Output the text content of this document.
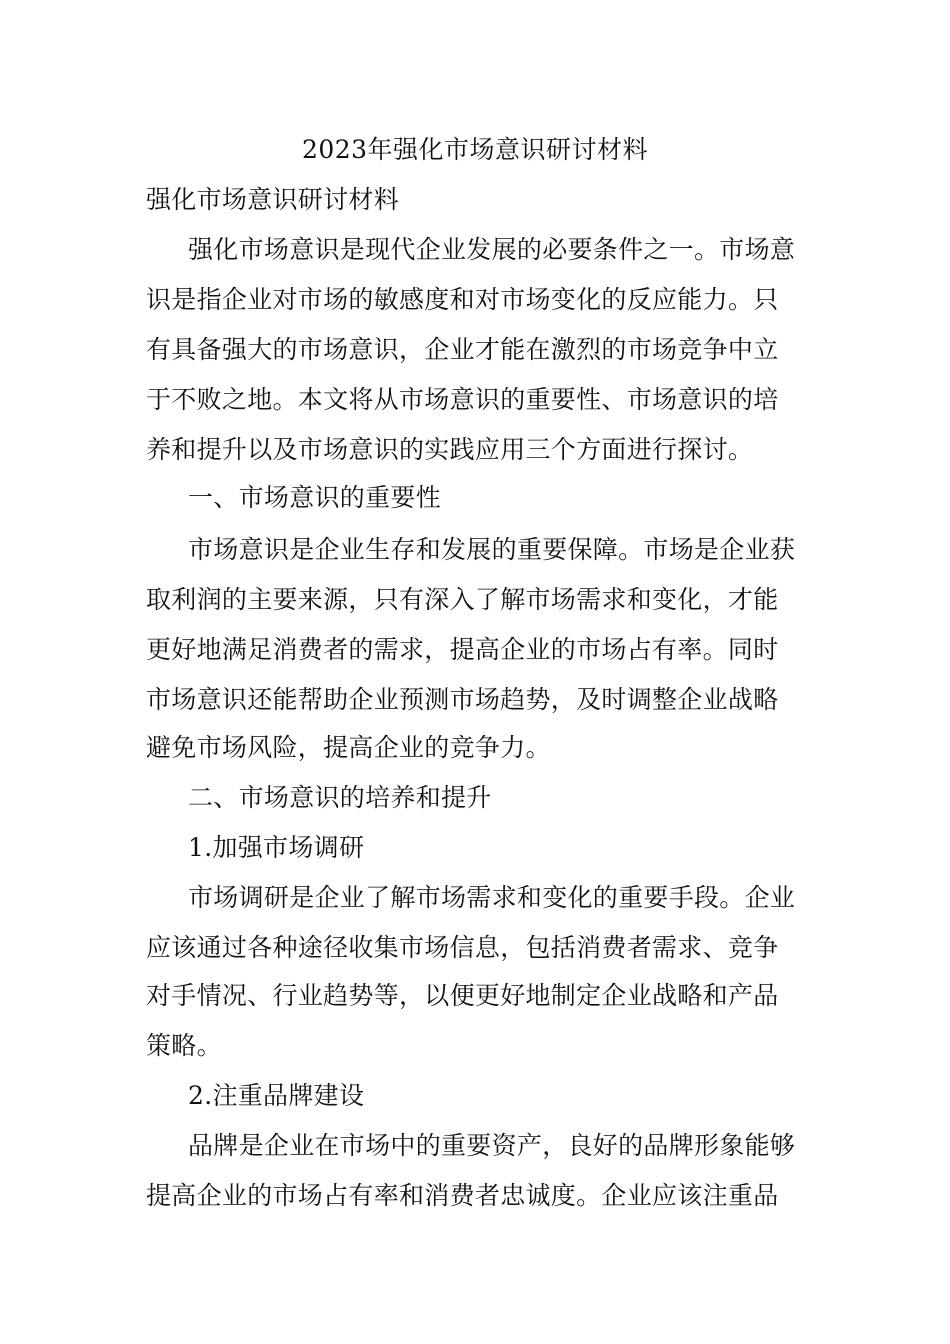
2023年强化市场意识研讨材料

强化市场意识研讨材料

强化市场意识是现代企业发展的必要条件之一。市场意

识是指企业对市场的敏感度和对市场变化的反应能力。只

有具备强大的市场意识，企业才能在激烈的市场竞争中立

于不败之地。本文将从市场意识的重要性、市场意识的培

养和提升以及市场意识的实践应用三个方面进行探讨。

一、市场意识的重要性

市场意识是企业生存和发展的重要保障。市场是企业获

取利润的主要来源，只有深入了解市场需求和变化，才能

更好地满足消费者的需求，提高企业的市场占有率。同时

市场意识还能帮助企业预测市场趋势，及时调整企业战略

避免市场风险，提高企业的竞争力。

二、市场意识的培养和提升

1.加强市场调研

市场调研是企业了解市场需求和变化的重要手段。企业

应该通过各种途径收集市场信息，包括消费者需求、竞争

对手情况、行业趋势等，以便更好地制定企业战略和产品

策略。

2.注重品牌建设

品牌是企业在市场中的重要资产，良好的品牌形象能够

提高企业的市场占有率和消费者忠诚度。企业应该注重品
